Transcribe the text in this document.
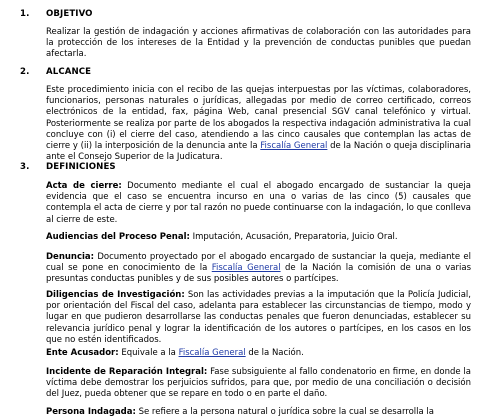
1. OBJETIVO

Realizar la gestión de indagación y acciones afirmativas de colaboración con las autoridades para la protección de los intereses de la Entidad y la prevención de conductas punibles que puedan afectarla.

2. ALCANCE

Este procedimiento inicia con el recibo de las quejas interpuestas por las víctimas, colaboradores, funcionarios, personas naturales o jurídicas, allegadas por medio de correo certificado, correos electrónicos de la entidad, fax, página Web, canal presencial SGV canal telefónico y virtual. Posteriormente se realiza por parte de los abogados la respectiva indagación administrativa la cual concluye con (i) el cierre del caso, atendiendo a las cinco causales que contemplan las actas de cierre y (ii) la interposición de la denuncia ante la Fiscalía General de la Nación o queja disciplinaria ante el Consejo Superior de la Judicatura.

3. DEFINICIONES

Acta de cierre: Documento mediante el cual el abogado encargado de sustanciar la queja evidencia que el caso se encuentra incurso en una o varias de las cinco (5) causales que contempla el acta de cierre y por tal razón no puede continuarse con la indagación, lo que conlleva al cierre de este.

Audiencias del Proceso Penal: Imputación, Acusación, Preparatoria, Juicio Oral.

Denuncia: Documento proyectado por el abogado encargado de sustanciar la queja, mediante el cual se pone en conocimiento de la Fiscalía General de la Nación la comisión de una o varias presuntas conductas punibles y de sus posibles autores o partícipes.

Diligencias de Investigación: Son las actividades previas a la imputación que la Policía Judicial, por orientación del Fiscal del caso, adelanta para establecer las circunstancias de tiempo, modo y lugar en que pudieron desarrollarse las conductas penales que fueron denunciadas, establecer su relevancia jurídico penal y lograr la identificación de los autores o partícipes, en los casos en los que no estén identificados.

Ente Acusador: Equivale a la Fiscalía General de la Nación.

Incidente de Reparación Integral: Fase subsiguiente al fallo condenatorio en firme, en donde la víctima debe demostrar los perjuicios sufridos, para que, por medio de una conciliación o decisión del Juez, pueda obtener que se repare en todo o en parte el daño.

Persona Indagada: Se refiere a la persona natural o jurídica sobre la cual se desarrolla la
